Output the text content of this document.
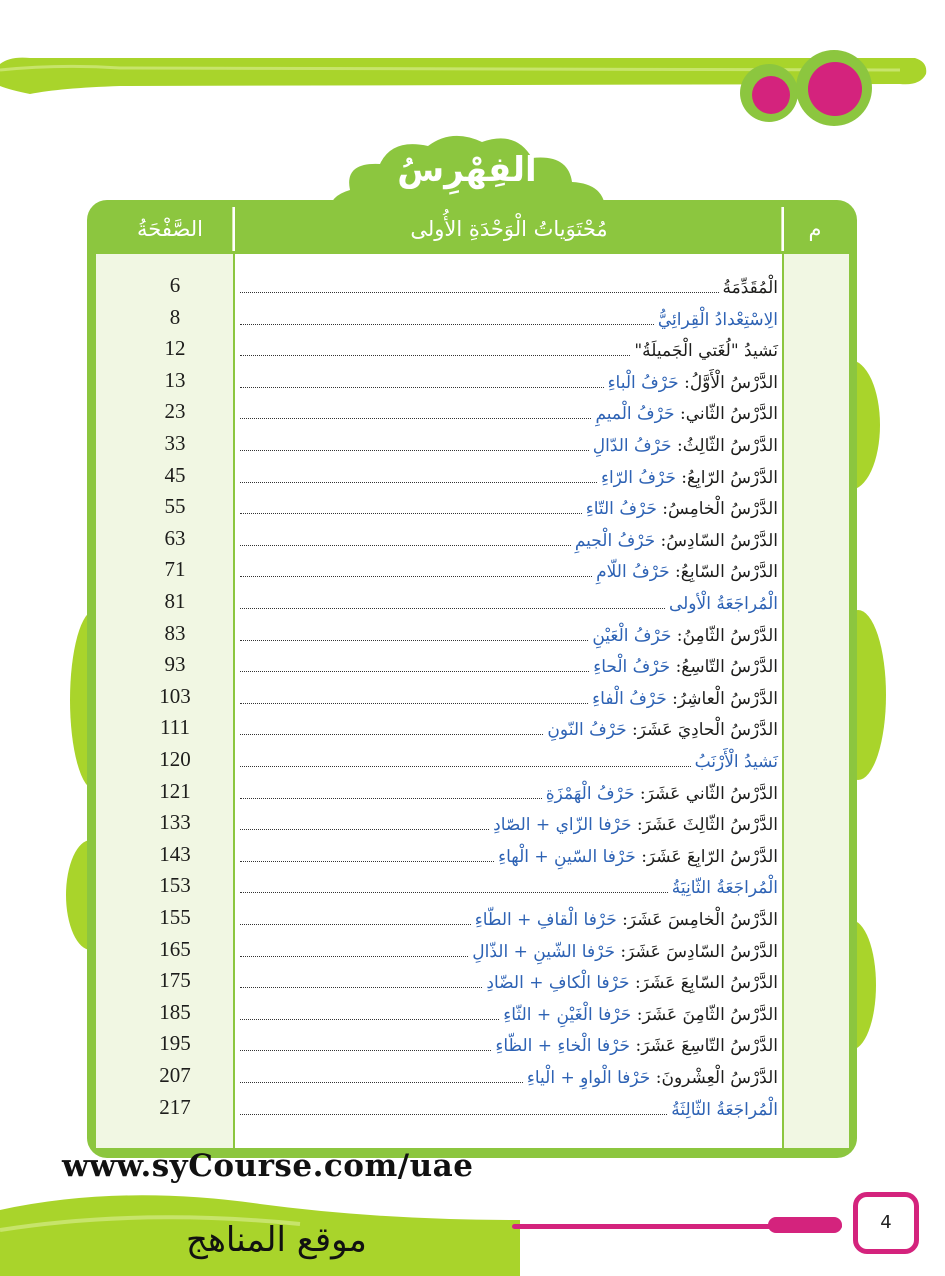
الفِهْرِسُ
الصَّفْحَةُ	مُحْتَوَياتُ الْوَحْدَةِ الأُولى	م
الْمُقَدِّمَةُ
6
الِاسْتِعْدادُ الْقِرائِيُّ
8
نَشيدُ "لُغَتي الْجَميلَةُ"
12
الدَّرْسُ الْأَوَّلُ: حَرْفُ الْباءِ
13
الدَّرْسُ الثّاني: حَرْفُ الْميمِ
23
الدَّرْسُ الثّالِثُ: حَرْفُ الدّالِ
33
الدَّرْسُ الرّابِعُ: حَرْفُ الرّاءِ
45
الدَّرْسُ الْخامِسُ: حَرْفُ التّاءِ
55
الدَّرْسُ السّادِسُ: حَرْفُ الْجيمِ
63
الدَّرْسُ السّابِعُ: حَرْفُ اللّامِ
71
الْمُراجَعَةُ الْأولى
81
الدَّرْسُ الثّامِنُ: حَرْفُ الْعَيْنِ
83
الدَّرْسُ التّاسِعُ: حَرْفُ الْحاءِ
93
الدَّرْسُ الْعاشِرُ: حَرْفُ الْفاءِ
103
الدَّرْسُ الْحادِيَ عَشَرَ: حَرْفُ النّونِ
111
نَشيدُ الْأَرْنَبُ
120
الدَّرْسُ الثّاني عَشَرَ: حَرْفُ الْهَمْزَةِ
121
الدَّرْسُ الثّالِثَ عَشَرَ: حَرْفا الزّاي + الصّادِ
133
الدَّرْسُ الرّابِعَ عَشَرَ: حَرْفا السّينِ + الْهاءِ
143
الْمُراجَعَةُ الثّانِيَةُ
153
الدَّرْسُ الْخامِسَ عَشَرَ: حَرْفا الْقافِ + الطّاءِ
155
الدَّرْسُ السّادِسَ عَشَرَ: حَرْفا الشّينِ + الذّالِ
165
الدَّرْسُ السّابِعَ عَشَرَ: حَرْفا الْكافِ + الضّادِ
175
الدَّرْسُ الثّامِنَ عَشَرَ: حَرْفا الْغَيْنِ + الثّاءِ
185
الدَّرْسُ التّاسِعَ عَشَرَ: حَرْفا الْخاءِ + الظّاءِ
195
الدَّرْسُ الْعِشْرونَ: حَرْفا الْواوِ + الْياءِ
207
الْمُراجَعَةُ الثّالِثَةُ
217
www.syCourse.com/uae
موقع المناهج	4
